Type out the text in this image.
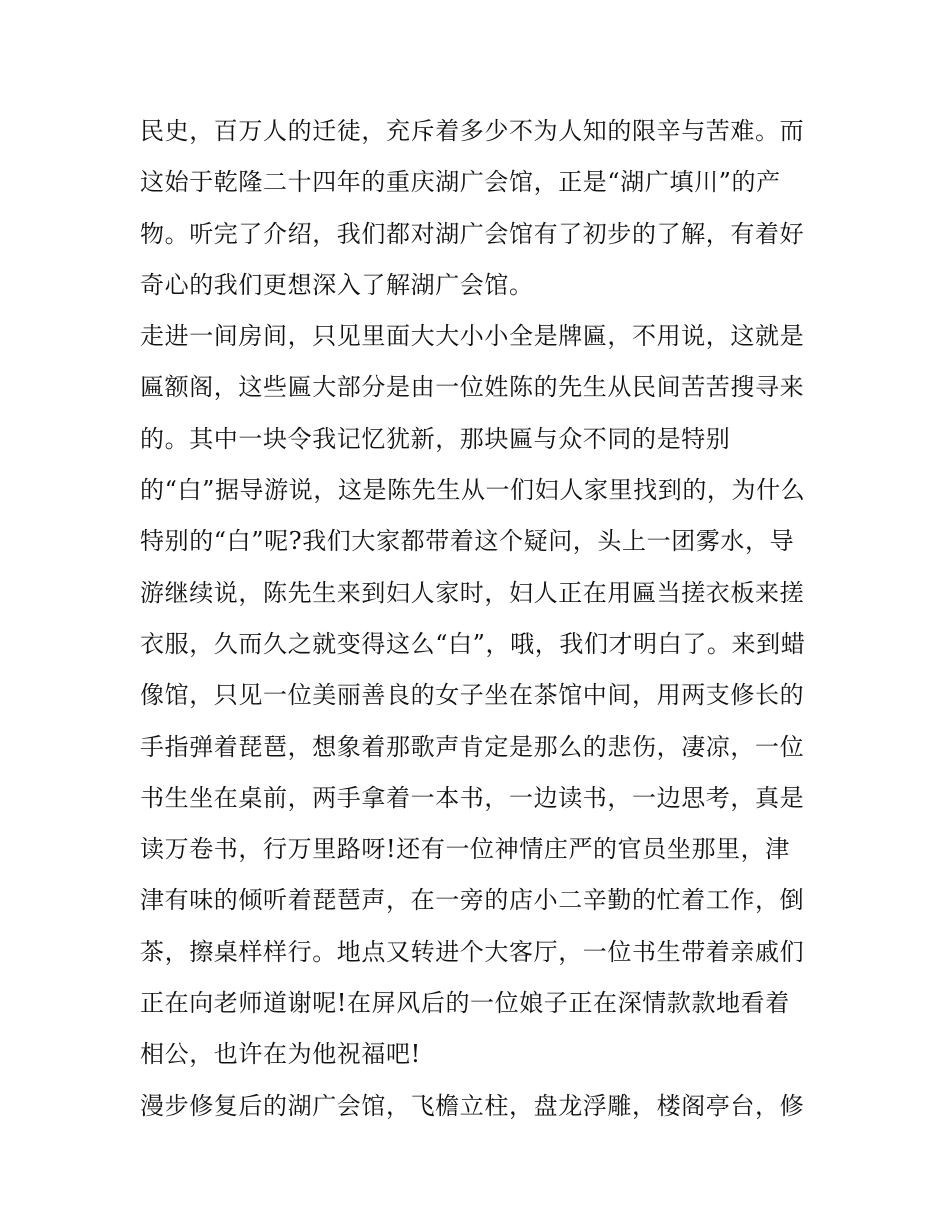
民史，百万人的迁徒，充斥着多少不为人知的限辛与苦难。而
这始于乾隆二十四年的重庆湖广会馆，正是“湖广填川”的产
物。听完了介绍，我们都对湖广会馆有了初步的了解，有着好
奇心的我们更想深入了解湖广会馆。
走进一间房间，只见里面大大小小全是牌匾，不用说，这就是
匾额阁，这些匾大部分是由一位姓陈的先生从民间苦苦搜寻来
的。其中一块令我记忆犹新，那块匾与众不同的是特别
的“白”据导游说，这是陈先生从一们妇人家里找到的，为什么
特别的“白”呢?我们大家都带着这个疑问，头上一团雾水，导
游继续说，陈先生来到妇人家时，妇人正在用匾当搓衣板来搓
衣服，久而久之就变得这么“白”，哦，我们才明白了。来到蜡
像馆，只见一位美丽善良的女子坐在茶馆中间，用两支修长的
手指弹着琵琶，想象着那歌声肯定是那么的悲伤，凄凉，一位
书生坐在桌前，两手拿着一本书，一边读书，一边思考，真是
读万卷书，行万里路呀!还有一位神情庄严的官员坐那里，津
津有味的倾听着琵琶声，在一旁的店小二辛勤的忙着工作，倒
茶，擦桌样样行。地点又转进个大客厅，一位书生带着亲戚们
正在向老师道谢呢!在屏风后的一位娘子正在深情款款地看着
相公，也许在为他祝福吧!
漫步修复后的湖广会馆，飞檐立柱，盘龙浮雕，楼阁亭台，修
